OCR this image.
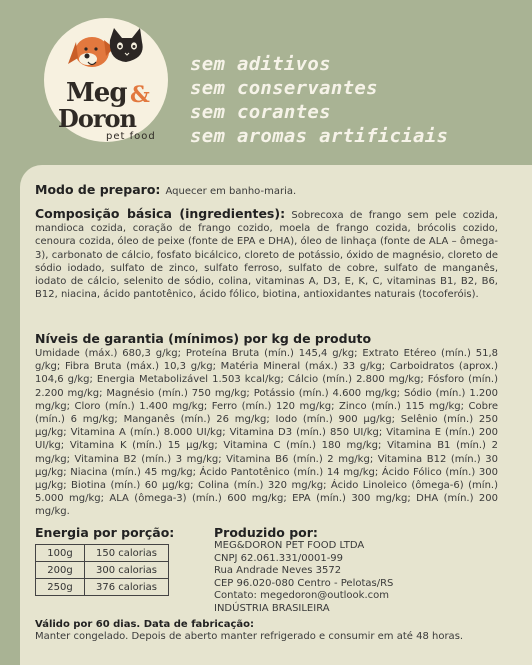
Meg &
Doron
pet food
sem aditivos
sem conservantes
sem corantes
sem aromas artificiais
Modo de preparo: Aquecer em banho-maria.
Composição básica (ingredientes): Sobrecoxa de frango sem pele cozida, mandioca cozida, coração de frango cozido, moela de frango cozida, brócolis cozido, cenoura cozida, óleo de peixe (fonte de EPA e DHA), óleo de linhaça (fonte de ALA – ômega-3), carbonato de cálcio, fosfato bicálcico, cloreto de potássio, óxido de magnésio, cloreto de sódio iodado, sulfato de zinco, sulfato ferroso, sulfato de cobre, sulfato de manganês, iodato de cálcio, selenito de sódio, colina, vitaminas A, D3, E, K, C, vitaminas B1, B2, B6, B12, niacina, ácido pantotênico, ácido fólico, biotina, antioxidantes naturais (tocoferóis).
Níveis de garantia (mínimos) por kg de produto
Umidade (máx.) 680,3 g/kg; Proteína Bruta (mín.) 145,4 g/kg; Extrato Etéreo (mín.) 51,8 g/kg; Fibra Bruta (máx.) 10,3 g/kg; Matéria Mineral (máx.) 33 g/kg; Carboidratos (aprox.) 104,6 g/kg; Energia Metabolizável 1.503 kcal/kg; Cálcio (mín.) 2.800 mg/kg; Fósforo (mín.) 2.200 mg/kg; Magnésio (mín.) 750 mg/kg; Potássio (mín.) 4.600 mg/kg; Sódio (mín.) 1.200 mg/kg; Cloro (mín.) 1.400 mg/kg; Ferro (mín.) 120 mg/kg; Zinco (mín.) 115 mg/kg; Cobre (mín.) 6 mg/kg; Manganês (mín.) 26 mg/kg; Iodo (mín.) 900 µg/kg; Selênio (mín.) 250 µg/kg; Vitamina A (mín.) 8.000 UI/kg; Vitamina D3 (mín.) 850 UI/kg; Vitamina E (mín.) 200 UI/kg; Vitamina K (mín.) 15 µg/kg; Vitamina C (mín.) 180 mg/kg; Vitamina B1 (mín.) 2 mg/kg; Vitamina B2 (mín.) 3 mg/kg; Vitamina B6 (mín.) 2 mg/kg; Vitamina B12 (mín.) 30 µg/kg; Niacina (mín.) 45 mg/kg; Ácido Pantotênico (mín.) 14 mg/kg; Ácido Fólico (mín.) 300 µg/kg; Biotina (mín.) 60 µg/kg; Colina (mín.) 320 mg/kg; Ácido Linoleico (ômega-6) (mín.) 5.000 mg/kg; ALA (ômega-3) (mín.) 600 mg/kg; EPA (mín.) 300 mg/kg; DHA (mín.) 200 mg/kg.
Energia por porção:
100g	150 calorias
200g	300 calorias
250g	376 calorias
Produzido por:
MEG&DORON PET FOOD LTDA
CNPJ 62.061.331/0001-99
Rua Andrade Neves 3572
CEP 96.020-080 Centro - Pelotas/RS
Contato: megedoron@outlook.com
INDÚSTRIA BRASILEIRA
Válido por 60 dias. Data de fabricação:
Manter congelado. Depois de aberto manter refrigerado e consumir em até 48 horas.
